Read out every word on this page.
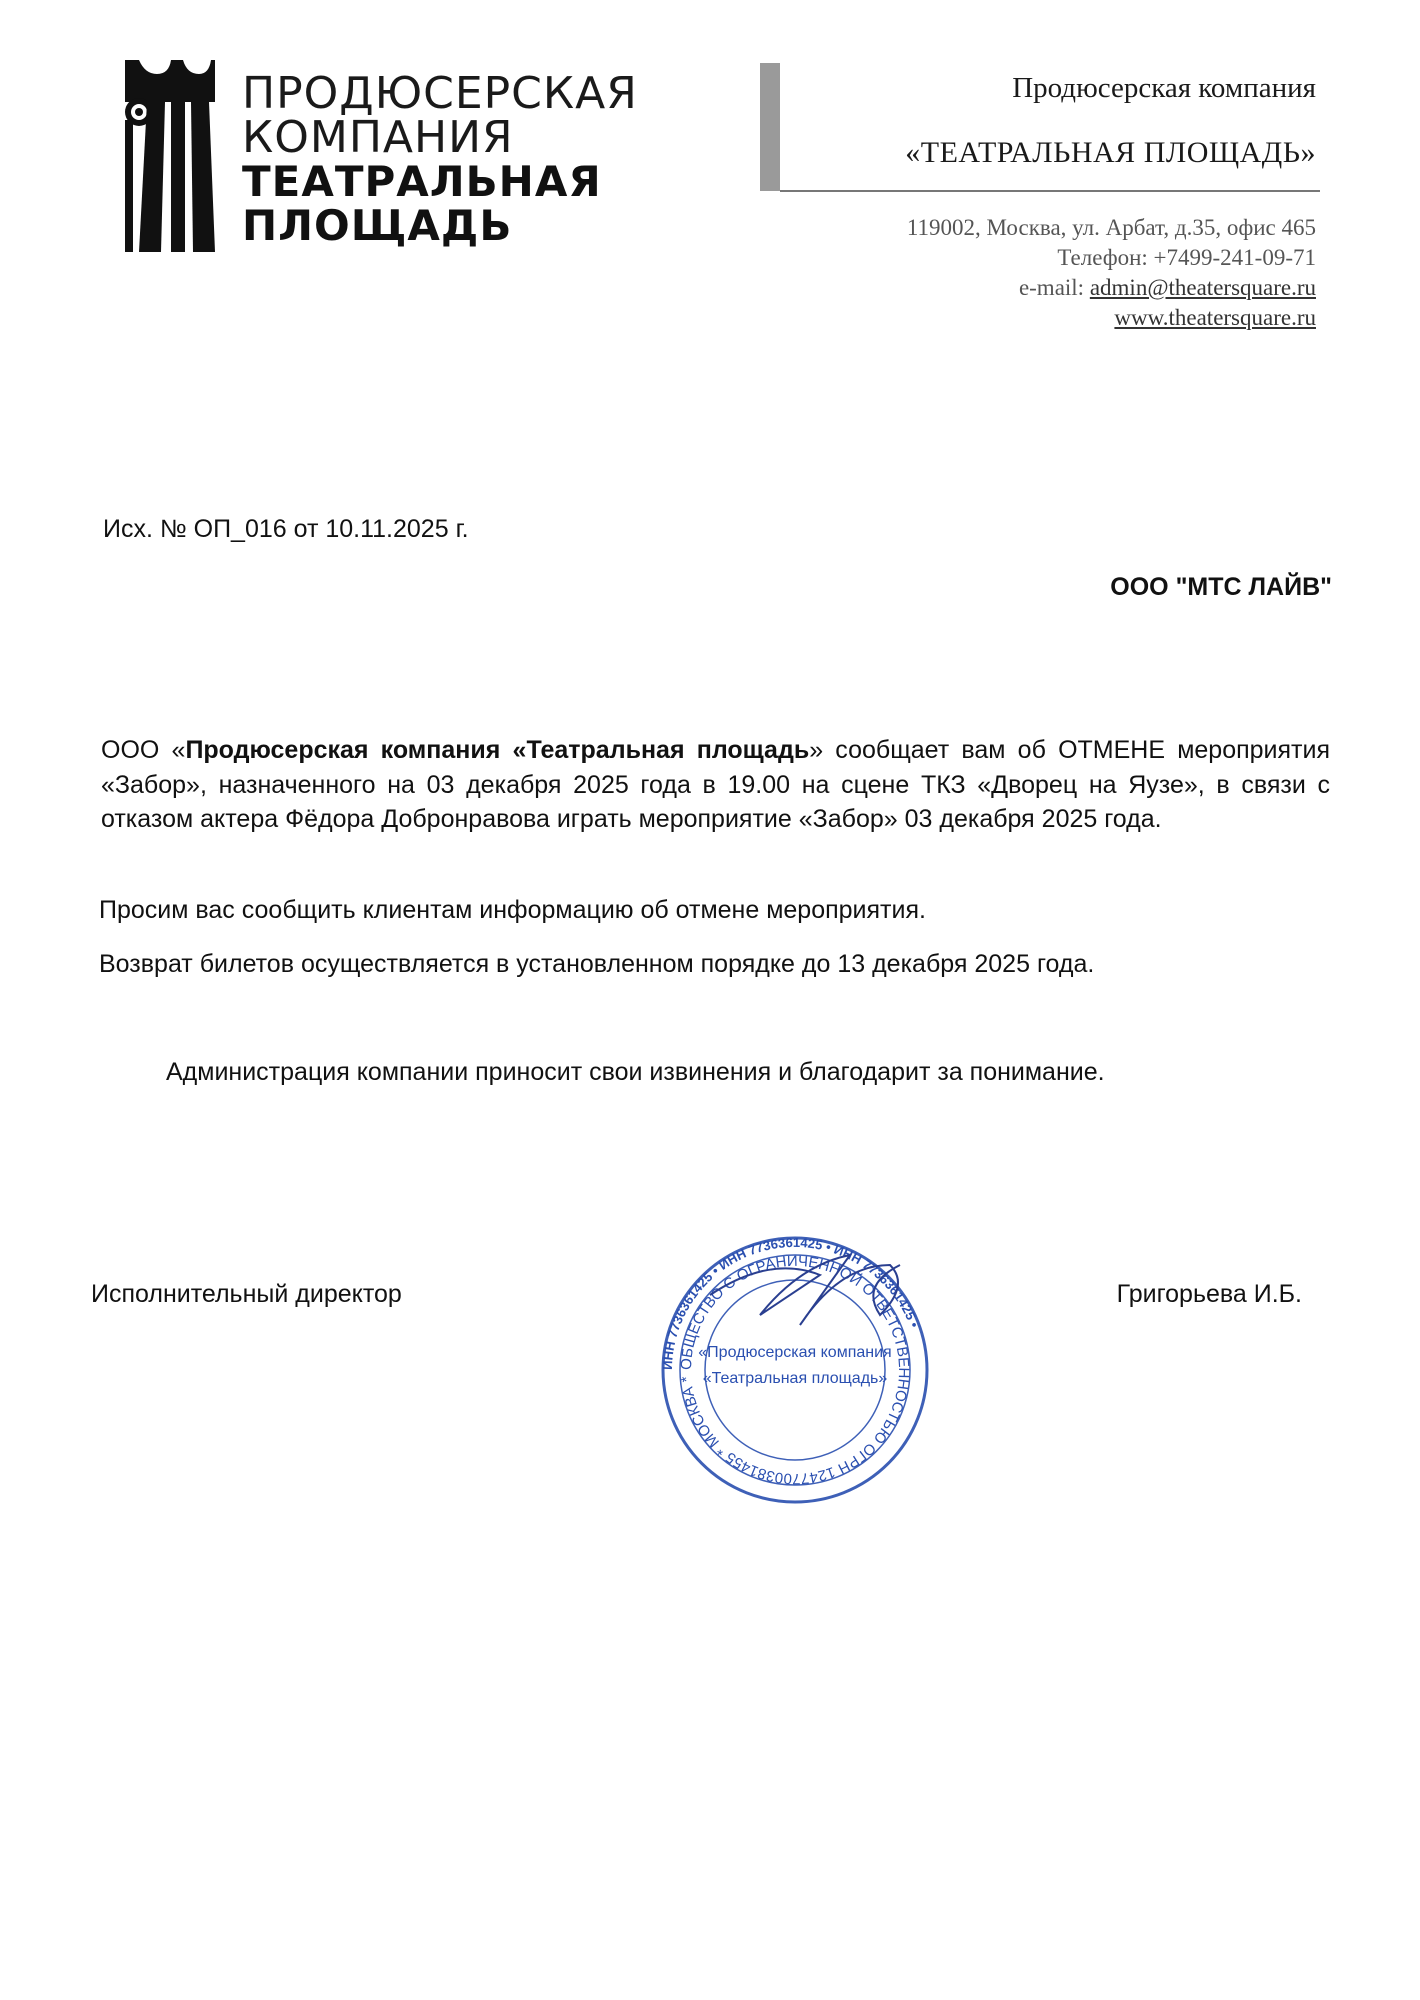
ПРОДЮСЕРСКАЯ
КОМПАНИЯ
ТЕАТРАЛЬНАЯ
ПЛОЩАДЬ
Продюсерская компания
«ТЕАТРАЛЬНАЯ ПЛОЩАДЬ»
119002, Москва, ул. Арбат, д.35, офис 465
Телефон: +7499-241-09-71
e-mail: admin@theatersquare.ru
www.theatersquare.ru
Исх. № ОП_016 от 10.11.2025 г.
ООО "МТС ЛАЙВ"
ООО «Продюсерская компания «Театральная площадь» сообщает вам об ОТМЕНЕ мероприятия «Забор», назначенного на 03 декабря 2025 года в 19.00 на сцене ТКЗ «Дворец на Яузе», в связи с отказом актера Фёдора Добронравова играть мероприятие «Забор» 03 декабря 2025 года.
Просим вас сообщить клиентам информацию об отмене мероприятия.
Возврат билетов осуществляется в установленном порядке до 13 декабря 2025 года.
Администрация компании приносит свои извинения и благодарит за понимание.
Исполнительный директор	Григорьева И.Б.
ИНН 7736361425 • ИНН 7736361425 • ИНН 7736361425 •
ОБЩЕСТВО С ОГРАНИЧЕННОЙ ОТВЕТСТВЕННОСТЬЮ ОГРН 1247700381455 * МОСКВА *
«Продюсерская компания
«Театральная площадь»
